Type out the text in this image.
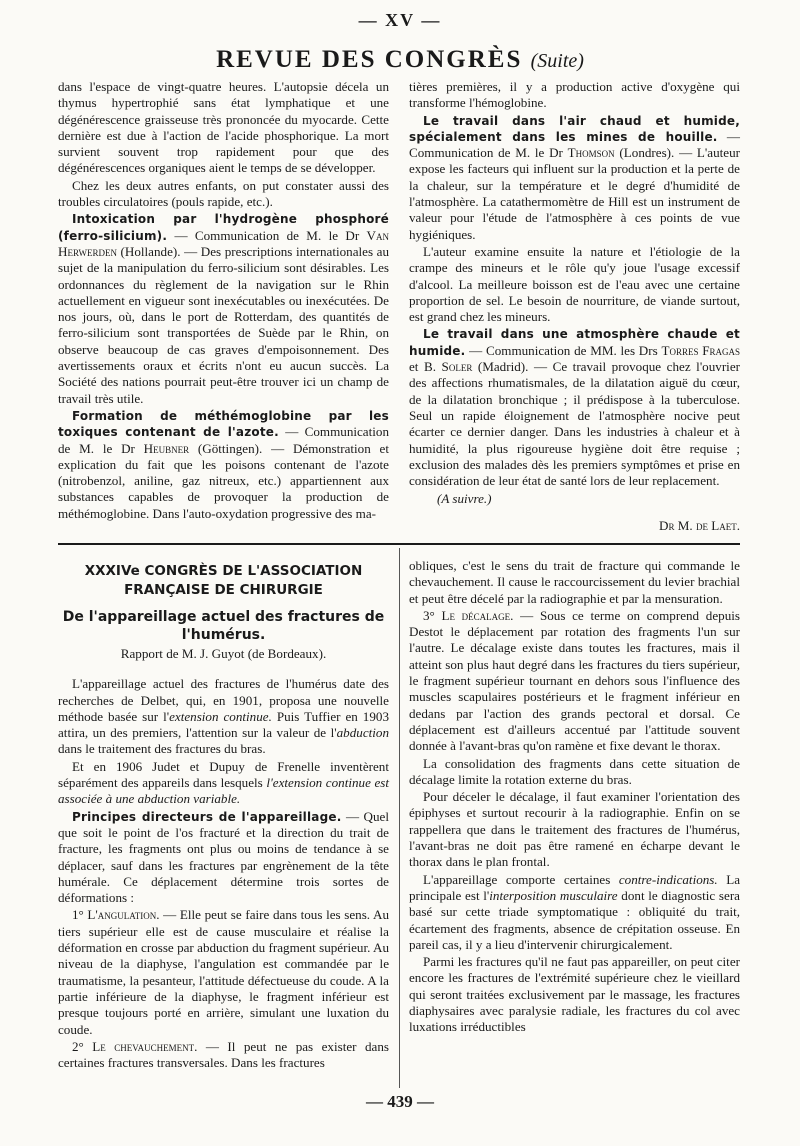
— XV —
REVUE DES CONGRÈS (Suite)

dans l'espace de vingt-quatre heures. L'autopsie décela un thymus hypertrophié sans état lymphatique et une dégénérescence graisseuse très prononcée du myocarde. Cette dernière est due à l'action de l'acide phosphorique. La mort survient souvent trop rapidement pour que des dégénérescences organiques aient le temps de se développer.

Chez les deux autres enfants, on put constater aussi des troubles circulatoires (pouls rapide, etc.).

Intoxication par l'hydrogène phosphoré (ferro-silicium). — Communication de M. le Dr Van Herwerden (Hollande). — Des prescriptions internationales au sujet de la manipulation du ferro-silicium sont désirables. Les ordonnances du règlement de la navigation sur le Rhin actuellement en vigueur sont inexécutables ou inexécutées. De nos jours, où, dans le port de Rotterdam, des quantités de ferro-silicium sont transportées de Suède par le Rhin, on observe beaucoup de cas graves d'empoisonnement. Des avertissements oraux et écrits n'ont eu aucun succès. La Société des nations pourrait peut-être trouver ici un champ de travail très utile.

Formation de méthémoglobine par les toxiques contenant de l'azote. — Communication de M. le Dr Heubner (Göttingen). — Démonstration et explication du fait que les poisons contenant de l'azote (nitrobenzol, aniline, gaz nitreux, etc.) appartiennent aux substances capables de provoquer la production de méthémoglobine. Dans l'auto-oxydation progressive des ma-

tières premières, il y a production active d'oxygène qui transforme l'hémoglobine.

Le travail dans l'air chaud et humide, spécialement dans les mines de houille. — Communication de M. le Dr Thomson (Londres). — L'auteur expose les facteurs qui influent sur la production et la perte de la chaleur, sur la température et le degré d'humidité de l'atmosphère. La catathermomètre de Hill est un instrument de valeur pour l'étude de l'atmosphère à ces points de vue hygiéniques.

L'auteur examine ensuite la nature et l'étiologie de la crampe des mineurs et le rôle qu'y joue l'usage excessif d'alcool. La meilleure boisson est de l'eau avec une certaine proportion de sel. Le besoin de nourriture, de viande surtout, est grand chez les mineurs.

Le travail dans une atmosphère chaude et humide. — Communication de MM. les Drs Torres Fragas et B. Soler (Madrid). — Ce travail provoque chez l'ouvrier des affections rhumatismales, de la dilatation aiguë du cœur, de la dilatation bronchique ; il prédispose à la tuberculose. Seul un rapide éloignement de l'atmosphère nocive peut écarter ce dernier danger. Dans les industries à chaleur et à humidité, la plus rigoureuse hygiène doit être requise ; exclusion des malades dès les premiers symptômes et prise en considération de leur état de santé lors de leur replacement.

(A suivre.)
Dr M. de Laet.
XXXIVe CONGRÈS DE L'ASSOCIATION FRANÇAISE DE CHIRURGIE
De l'appareillage actuel des fractures de l'humérus.
Rapport de M. J. Guyot (de Bordeaux).

L'appareillage actuel des fractures de l'humérus date des recherches de Delbet, qui, en 1901, proposa une nouvelle méthode basée sur l'extension continue. Puis Tuffier en 1903 attira, un des premiers, l'attention sur la valeur de l'abduction dans le traitement des fractures du bras.

Et en 1906 Judet et Dupuy de Frenelle inventèrent séparément des appareils dans lesquels l'extension continue est associée à une abduction variable.

Principes directeurs de l'appareillage. — Quel que soit le point de l'os fracturé et la direction du trait de fracture, les fragments ont plus ou moins de tendance à se déplacer, sauf dans les fractures par engrènement de la tête humérale. Ce déplacement détermine trois sortes de déformations :

1° L'angulation. — Elle peut se faire dans tous les sens. Au tiers supérieur elle est de cause musculaire et réalise la déformation en crosse par abduction du fragment supérieur. Au niveau de la diaphyse, l'angulation est commandée par le traumatisme, la pesanteur, l'attitude défectueuse du coude. A la partie inférieure de la diaphyse, le fragment inférieur est presque toujours porté en arrière, simulant une luxation du coude.

2° Le chevauchement. — Il peut ne pas exister dans certaines fractures transversales. Dans les fractures

obliques, c'est le sens du trait de fracture qui commande le chevauchement. Il cause le raccourcissement du levier brachial et peut être décelé par la radiographie et par la mensuration.

3° Le décalage. — Sous ce terme on comprend depuis Destot le déplacement par rotation des fragments l'un sur l'autre. Le décalage existe dans toutes les fractures, mais il atteint son plus haut degré dans les fractures du tiers supérieur, le fragment supérieur tournant en dehors sous l'influence des muscles scapulaires postérieurs et le fragment inférieur en dedans par l'action des grands pectoral et dorsal. Ce déplacement est d'ailleurs accentué par l'attitude souvent donnée à l'avant-bras qu'on ramène et fixe devant le thorax.

La consolidation des fragments dans cette situation de décalage limite la rotation externe du bras.

Pour déceler le décalage, il faut examiner l'orientation des épiphyses et surtout recourir à la radiographie. Enfin on se rappellera que dans le traitement des fractures de l'humérus, l'avant-bras ne doit pas être ramené en écharpe devant le thorax dans le plan frontal.

L'appareillage comporte certaines contre-indications. La principale est l'interposition musculaire dont le diagnostic sera basé sur cette triade symptomatique : obliquité du trait, écartement des fragments, absence de crépitation osseuse. En pareil cas, il y a lieu d'intervenir chirurgicalement.

Parmi les fractures qu'il ne faut pas appareiller, on peut citer encore les fractures de l'extrémité supérieure chez le vieillard qui seront traitées exclusivement par le massage, les fractures diaphysaires avec paralysie radiale, les fractures du col avec luxations irréductibles

— 439 —
